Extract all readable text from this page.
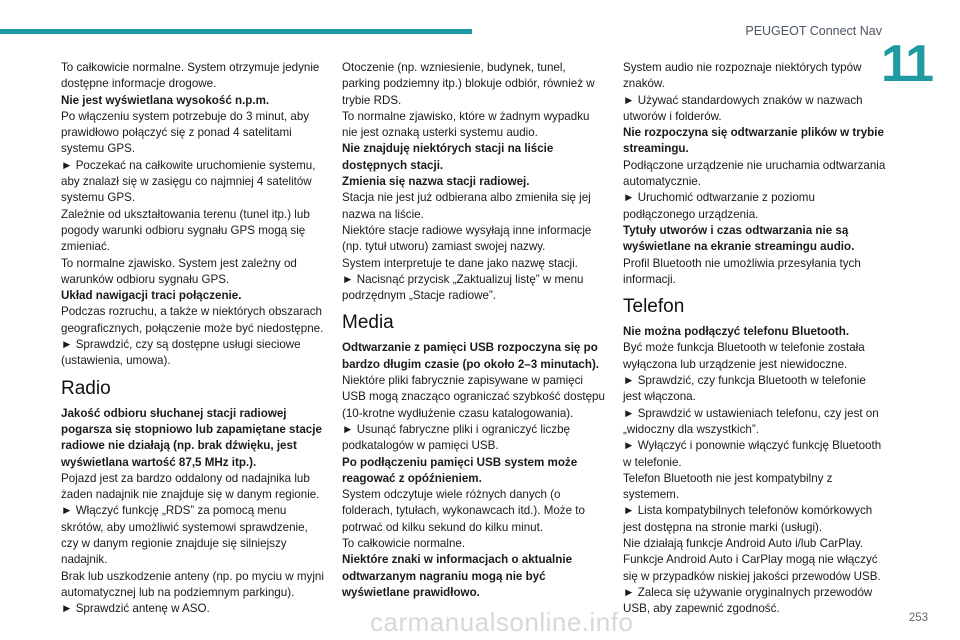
PEUGEOT Connect Nav
11

To całkowicie normalne. System otrzymuje jedynie dostępne informacje drogowe.

Nie jest wyświetlana wysokość n.p.m.

Po włączeniu system potrzebuje do 3 minut, aby prawidłowo połączyć się z ponad 4 satelitami systemu GPS.

► Poczekać na całkowite uruchomienie systemu, aby znalazł się w zasięgu co najmniej 4 satelitów systemu GPS.

Zależnie od ukształtowania terenu (tunel itp.) lub pogody warunki odbioru sygnału GPS mogą się zmieniać.

To normalne zjawisko. System jest zależny od warunków odbioru sygnału GPS.

Układ nawigacji traci połączenie.

Podczas rozruchu, a także w niektórych obszarach geograficznych, połączenie może być niedostępne.

► Sprawdzić, czy są dostępne usługi sieciowe (ustawienia, umowa).

Radio

Jakość odbioru słuchanej stacji radiowej pogarsza się stopniowo lub zapamiętane stacje radiowe nie działają (np. brak dźwięku, jest wyświetlana wartość 87,5 MHz itp.).

Pojazd jest za bardzo oddalony od nadajnika lub żaden nadajnik nie znajduje się w danym regionie.

► Włączyć funkcję „RDS” za pomocą menu skrótów, aby umożliwić systemowi sprawdzenie, czy w danym regionie znajduje się silniejszy nadajnik.

Brak lub uszkodzenie anteny (np. po myciu w myjni automatycznej lub na podziemnym parkingu).

► Sprawdzić antenę w ASO.

Otoczenie (np. wzniesienie, budynek, tunel, parking podziemny itp.) blokuje odbiór, również w trybie RDS.

To normalne zjawisko, które w żadnym wypadku nie jest oznaką usterki systemu audio.

Nie znajduję niektórych stacji na liście dostępnych stacji.

Zmienia się nazwa stacji radiowej.

Stacja nie jest już odbierana albo zmieniła się jej nazwa na liście.

Niektóre stacje radiowe wysyłają inne informacje (np. tytuł utworu) zamiast swojej nazwy.

System interpretuje te dane jako nazwę stacji.

► Nacisnąć przycisk „Zaktualizuj listę” w menu podrzędnym „Stacje radiowe”.

Media

Odtwarzanie z pamięci USB rozpoczyna się po bardzo długim czasie (po około 2–3 minutach).

Niektóre pliki fabrycznie zapisywane w pamięci USB mogą znacząco ograniczać szybkość dostępu (10-krotne wydłużenie czasu katalogowania).

► Usunąć fabryczne pliki i ograniczyć liczbę podkatalogów w pamięci USB.

Po podłączeniu pamięci USB system może reagować z opóźnieniem.

System odczytuje wiele różnych danych (o folderach, tytułach, wykonawcach itd.). Może to potrwać od kilku sekund do kilku minut.

To całkowicie normalne.

Niektóre znaki w informacjach o aktualnie odtwarzanym nagraniu mogą nie być wyświetlane prawidłowo.

System audio nie rozpoznaje niektórych typów znaków.

► Używać standardowych znaków w nazwach utworów i folderów.

Nie rozpoczyna się odtwarzanie plików w trybie streamingu.

Podłączone urządzenie nie uruchamia odtwarzania automatycznie.

► Uruchomić odtwarzanie z poziomu podłączonego urządzenia.

Tytuły utworów i czas odtwarzania nie są wyświetlane na ekranie streamingu audio.

Profil Bluetooth nie umożliwia przesyłania tych informacji.

Telefon

Nie można podłączyć telefonu Bluetooth.

Być może funkcja Bluetooth w telefonie została wyłączona lub urządzenie jest niewidoczne.

► Sprawdzić, czy funkcja Bluetooth w telefonie jest włączona.

► Sprawdzić w ustawieniach telefonu, czy jest on „widoczny dla wszystkich”.

► Wyłączyć i ponownie włączyć funkcję Bluetooth w telefonie.

Telefon Bluetooth nie jest kompatybilny z systemem.

► Lista kompatybilnych telefonów komórkowych jest dostępna na stronie marki (usługi).

Nie działają funkcje Android Auto i/lub CarPlay.

Funkcje Android Auto i CarPlay mogą nie włączyć się w przypadków niskiej jakości przewodów USB.

► Zaleca się używanie oryginalnych przewodów USB, aby zapewnić zgodność.

carmanualsonline.info	253
